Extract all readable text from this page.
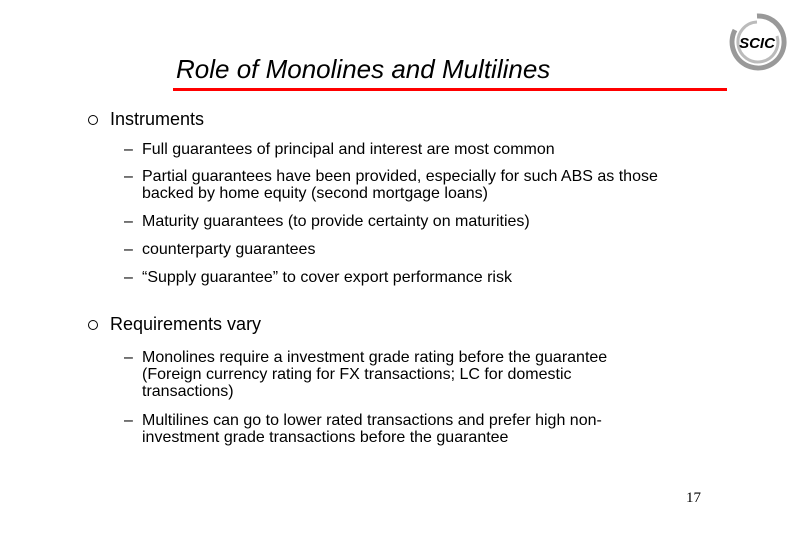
Role of Monolines and Multilines
SCIC
Instruments
– Full guarantees of principal and interest are most common
– Partial guarantees have been provided, especially for such ABS as those
backed by home equity (second mortgage loans)
– Maturity guarantees (to provide certainty on maturities)
– counterparty guarantees
– “Supply guarantee” to cover export performance risk
Requirements vary
– Monolines require a investment grade rating before the guarantee
(Foreign currency rating for FX transactions; LC for domestic
transactions)
– Multilines can go to lower rated transactions and prefer high non-
investment grade transactions before the guarantee
17
